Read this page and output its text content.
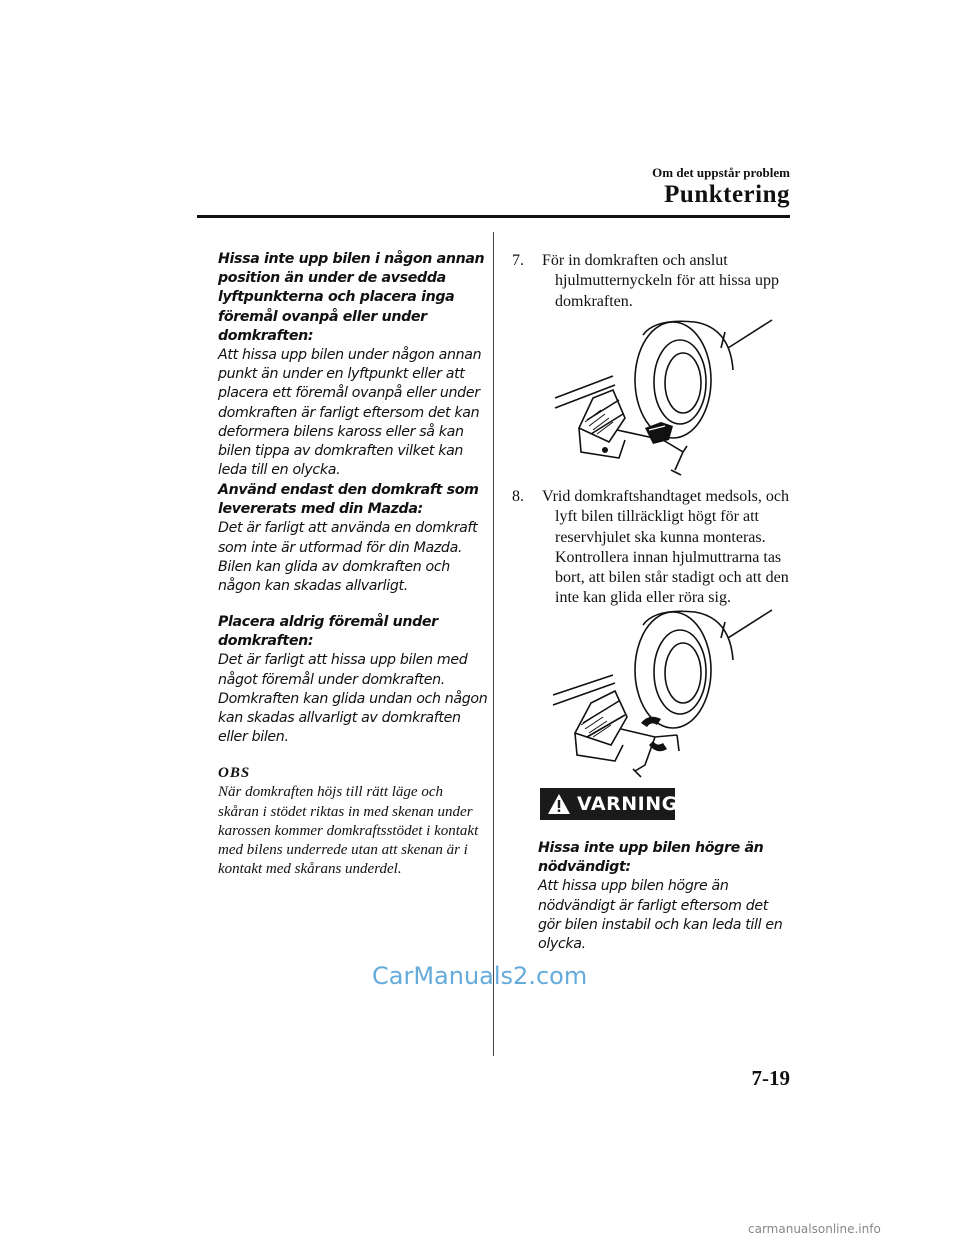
Om det uppstår problem
Punktering
Hissa inte upp bilen i någon annan position än under de avsedda lyftpunkterna och placera inga föremål ovanpå eller under domkraften:
Att hissa upp bilen under någon annan punkt än under en lyftpunkt eller att placera ett föremål ovanpå eller under domkraften är farligt eftersom det kan deformera bilens kaross eller så kan bilen tippa av domkraften vilket kan leda till en olycka.
Använd endast den domkraft som levererats med din Mazda:
Det är farligt att använda en domkraft som inte är utformad för din Mazda. Bilen kan glida av domkraften och någon kan skadas allvarligt.
Placera aldrig föremål under domkraften:
Det är farligt att hissa upp bilen med något föremål under domkraften. Domkraften kan glida undan och någon kan skadas allvarligt av domkraften eller bilen.
OBS
När domkraften höjs till rätt läge och skåran i stödet riktas in med skenan under karossen kommer domkraftsstödet i kontakt med bilens underrede utan att skenan är i kontakt med skårans underdel.
7.	För in domkraften och anslut hjulmutternyckeln för att hissa upp domkraften.
8.	Vrid domkraftshandtaget medsols, och lyft bilen tillräckligt högt för att reservhjulet ska kunna monteras. Kontrollera innan hjulmuttrarna tas bort, att bilen står stadigt och att den inte kan glida eller röra sig.
VARNING
Hissa inte upp bilen högre än nödvändigt:
Att hissa upp bilen högre än nödvändigt är farligt eftersom det gör bilen instabil och kan leda till en olycka.
CarManuals2.com
7-19
carmanualsonline.info
